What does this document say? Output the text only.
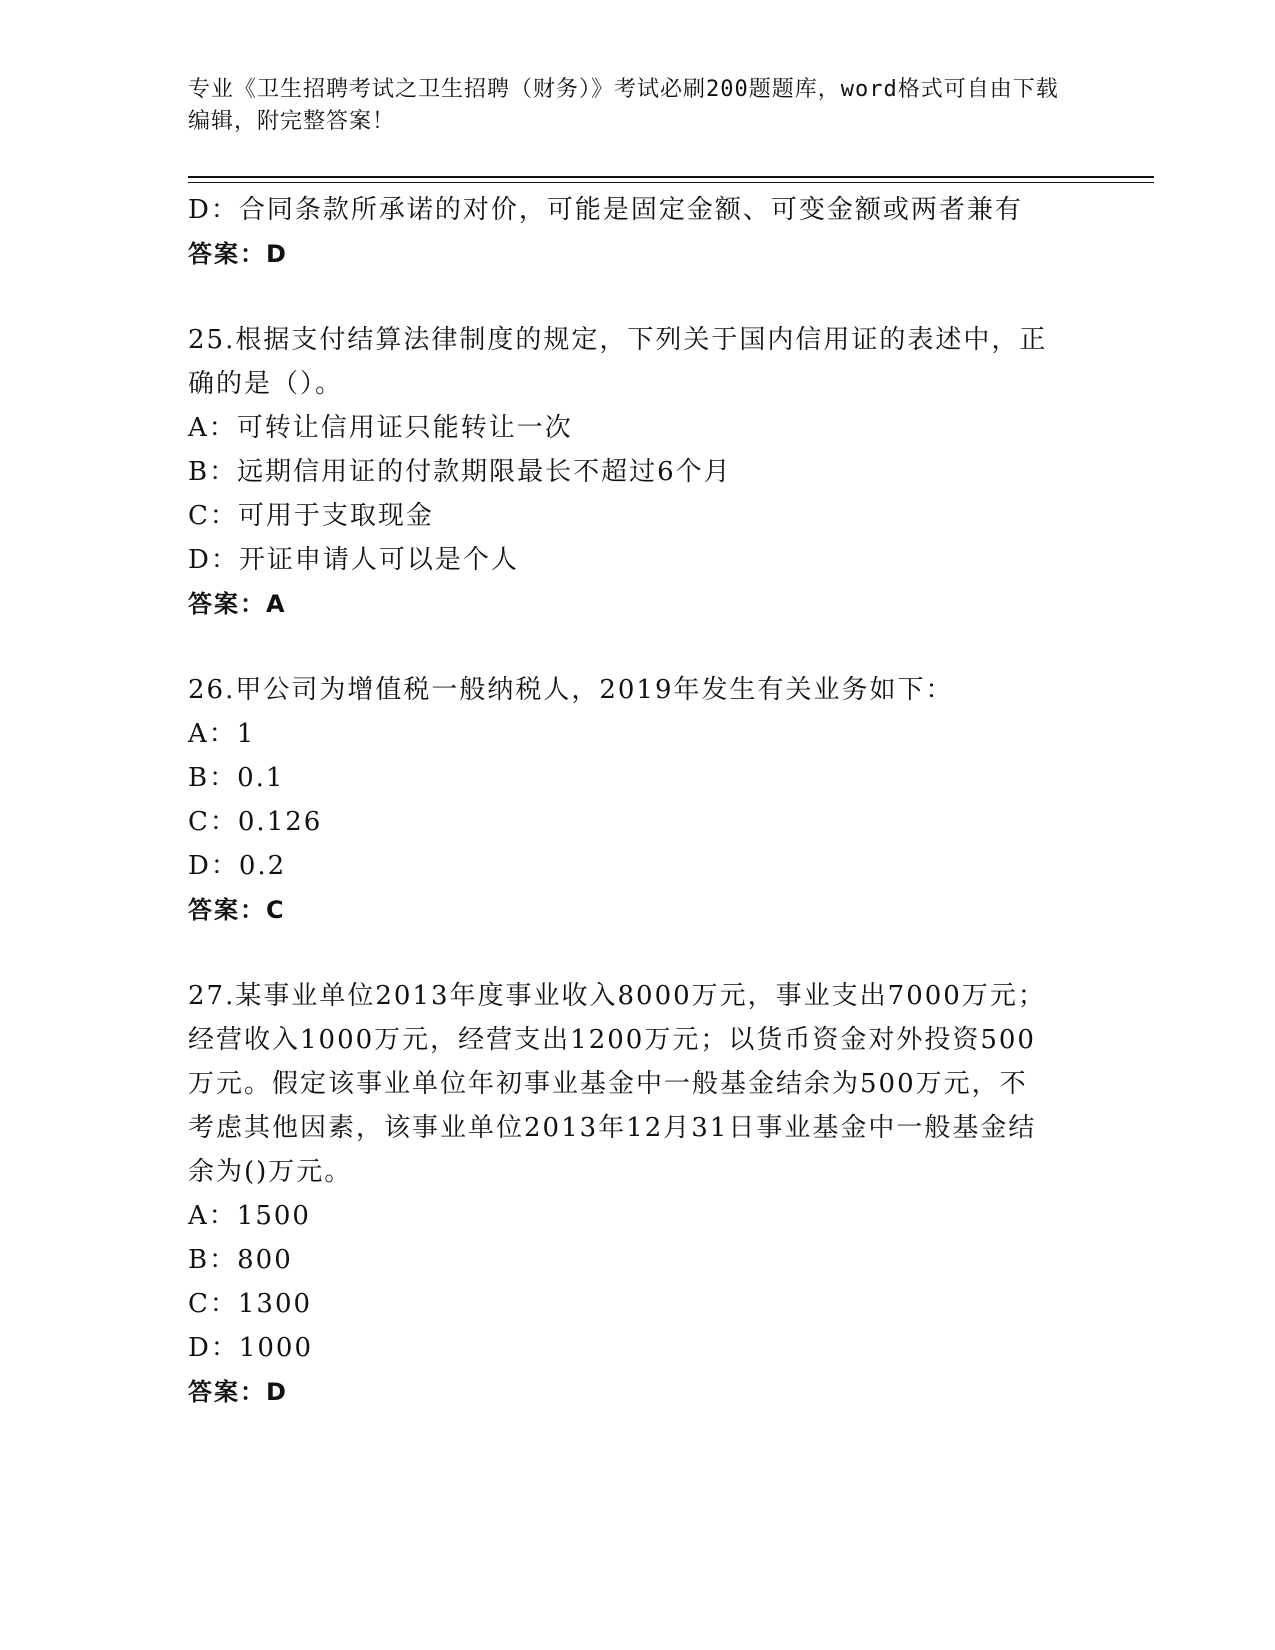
专业《卫生招聘考试之卫生招聘（财务）》考试必刷200题题库，word格式可自由下载编辑，附完整答案！
D：合同条款所承诺的对价，可能是固定金额、可变金额或两者兼有
答案：D
25.根据支付结算法律制度的规定，下列关于国内信用证的表述中，正
确的是（）。
A：可转让信用证只能转让一次
B：远期信用证的付款期限最长不超过6个月
C：可用于支取现金
D：开证申请人可以是个人
答案：A
26.甲公司为增值税一般纳税人，2019年发生有关业务如下：
A：1
B：0.1
C：0.126
D：0.2
答案：C
27.某事业单位2013年度事业收入8000万元，事业支出7000万元；
经营收入1000万元，经营支出1200万元；以货币资金对外投资500
万元。假定该事业单位年初事业基金中一般基金结余为500万元，不
考虑其他因素，该事业单位2013年12月31日事业基金中一般基金结
余为()万元。
A：1500
B：800
C：1300
D：1000
答案：D
